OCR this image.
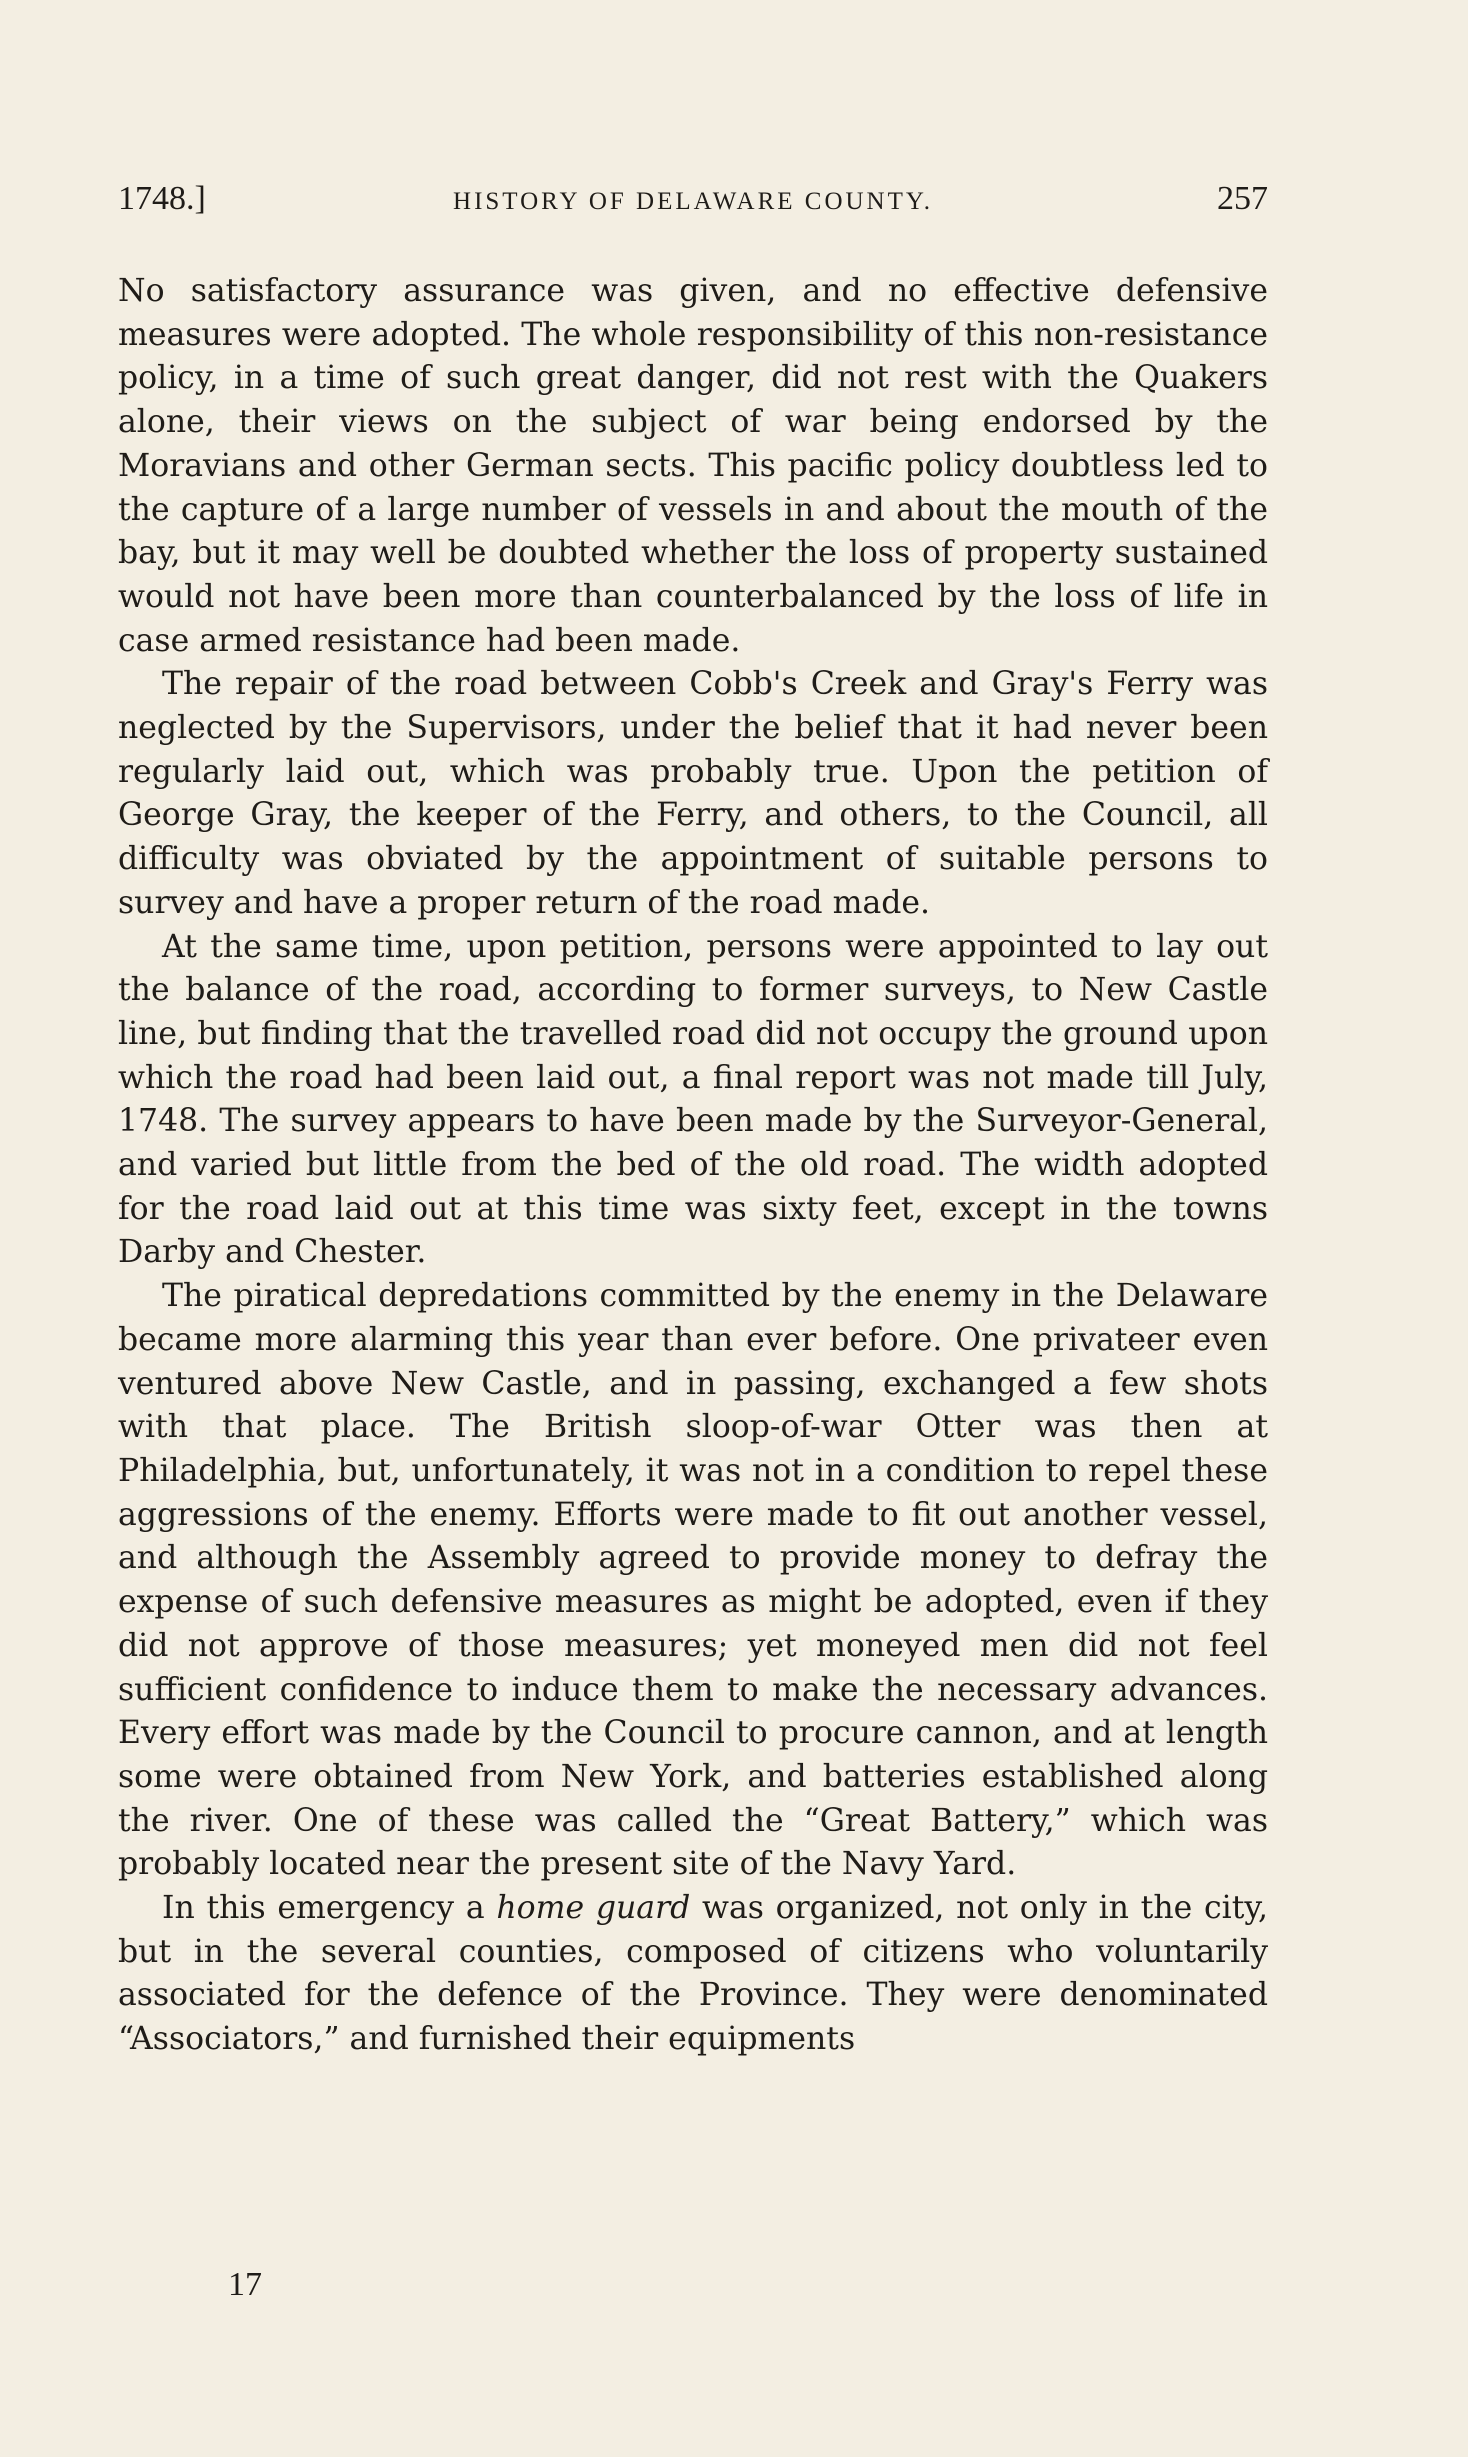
1748.]	HISTORY OF DELAWARE COUNTY.	257

No satisfactory assurance was given, and no effective defensive measures were adopted. The whole responsibility of this non-resistance policy, in a time of such great danger, did not rest with the Quakers alone, their views on the subject of war being endorsed by the Moravians and other German sects. This pacific policy doubtless led to the capture of a large number of vessels in and about the mouth of the bay, but it may well be doubted whether the loss of property sustained would not have been more than counterbalanced by the loss of life in case armed resistance had been made.

The repair of the road between Cobb's Creek and Gray's Ferry was neglected by the Supervisors, under the belief that it had never been regularly laid out, which was probably true. Upon the petition of George Gray, the keeper of the Ferry, and others, to the Council, all difficulty was obviated by the appointment of suitable persons to survey and have a proper return of the road made.

At the same time, upon petition, persons were appointed to lay out the balance of the road, according to former surveys, to New Castle line, but finding that the travelled road did not occupy the ground upon which the road had been laid out, a final report was not made till July, 1748. The survey appears to have been made by the Surveyor-General, and varied but little from the bed of the old road. The width adopted for the road laid out at this time was sixty feet, except in the towns Darby and Chester.

The piratical depredations committed by the enemy in the Delaware became more alarming this year than ever before. One privateer even ventured above New Castle, and in passing, exchanged a few shots with that place. The British sloop-of-war Otter was then at Philadelphia, but, unfortunately, it was not in a condition to repel these aggressions of the enemy. Efforts were made to fit out another vessel, and although the Assembly agreed to provide money to defray the expense of such defensive measures as might be adopted, even if they did not approve of those measures; yet moneyed men did not feel sufficient confidence to induce them to make the necessary advances. Every effort was made by the Council to procure cannon, and at length some were obtained from New York, and batteries established along the river. One of these was called the “Great Battery,” which was probably located near the present site of the Navy Yard.

In this emergency a home guard was organized, not only in the city, but in the several counties, composed of citizens who voluntarily associated for the defence of the Province. They were denominated “Associators,” and furnished their equipments

17
